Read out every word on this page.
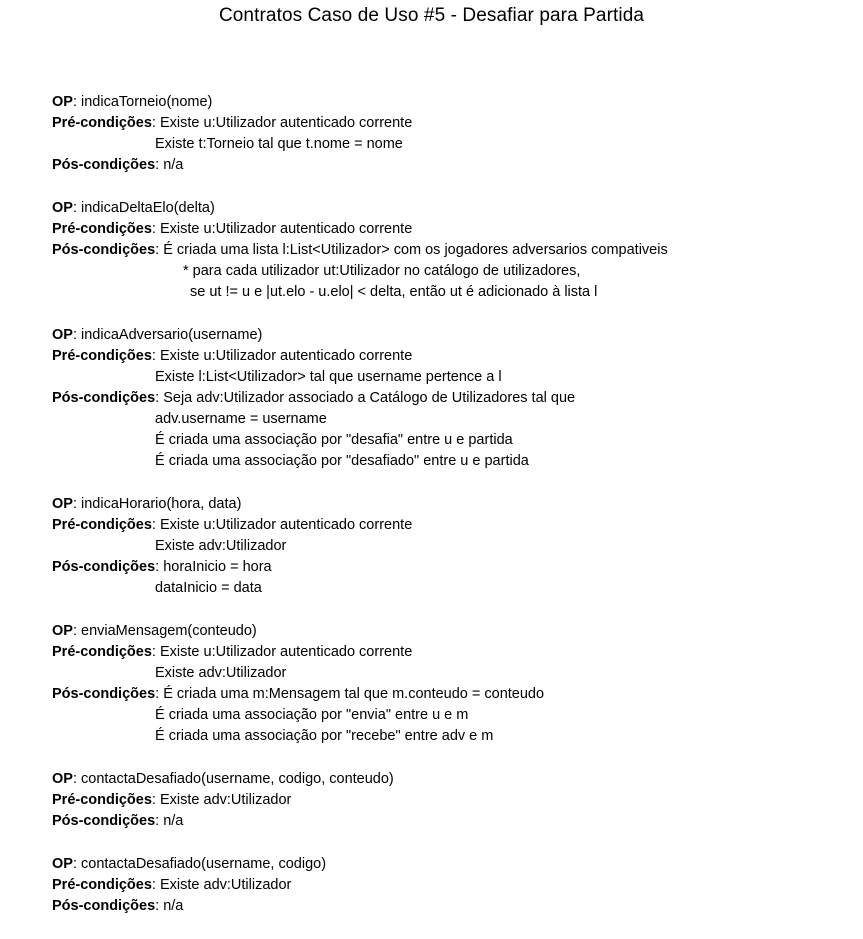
Contratos Caso de Uso #5 - Desafiar para Partida
OP: indicaTorneio(nome)
Pré-condições: Existe u:Utilizador autenticado corrente
Existe t:Torneio tal que t.nome = nome
Pós-condições: n/a
OP: indicaDeltaElo(delta)
Pré-condições: Existe u:Utilizador autenticado corrente
Pós-condições: É criada uma lista l:List<Utilizador> com os jogadores adversarios compativeis
* para cada utilizador ut:Utilizador no catálogo de utilizadores,
se ut != u e |ut.elo - u.elo| < delta, então ut é adicionado à lista l
OP: indicaAdversario(username)
Pré-condições: Existe u:Utilizador autenticado corrente
Existe l:List<Utilizador> tal que username pertence a l
Pós-condições: Seja adv:Utilizador associado a Catálogo de Utilizadores tal que
adv.username = username
É criada uma associação por "desafia" entre u e partida
É criada uma associação por "desafiado" entre u e partida
OP: indicaHorario(hora, data)
Pré-condições: Existe u:Utilizador autenticado corrente
Existe adv:Utilizador
Pós-condições: horaInicio = hora
dataInicio = data
OP: enviaMensagem(conteudo)
Pré-condições: Existe u:Utilizador autenticado corrente
Existe adv:Utilizador
Pós-condições: É criada uma m:Mensagem tal que m.conteudo = conteudo
É criada uma associação por "envia" entre u e m
É criada uma associação por "recebe" entre adv e m
OP: contactaDesafiado(username, codigo, conteudo)
Pré-condições: Existe adv:Utilizador
Pós-condições: n/a
OP: contactaDesafiado(username, codigo)
Pré-condições: Existe adv:Utilizador
Pós-condições: n/a
